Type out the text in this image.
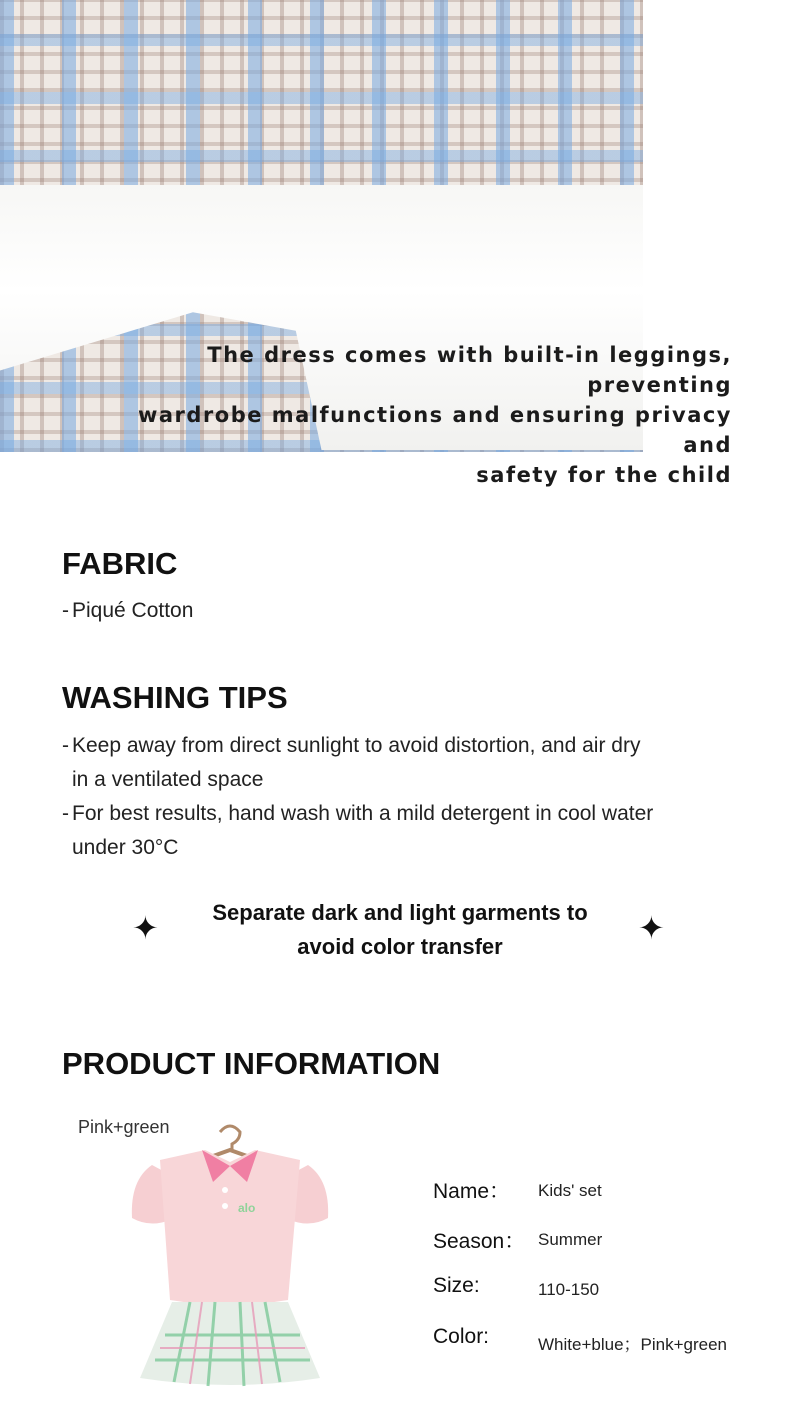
The dress comes with built-in leggings, preventing
wardrobe malfunctions and ensuring privacy and
safety for the child
FABRIC
- Piqué Cotton
WASHING TIPS
- Keep away from direct sunlight to avoid distortion, and air dry
in a ventilated space
- For best results, hand wash with a mild detergent in cool water
under 30°C
✦	Separate dark and light garments to
avoid color transfer	✦
PRODUCT INFORMATION
Pink+green
alo
Name： Kids' set
Season： Summer
Size:	110-150
Color:	White+blue；Pink+green
